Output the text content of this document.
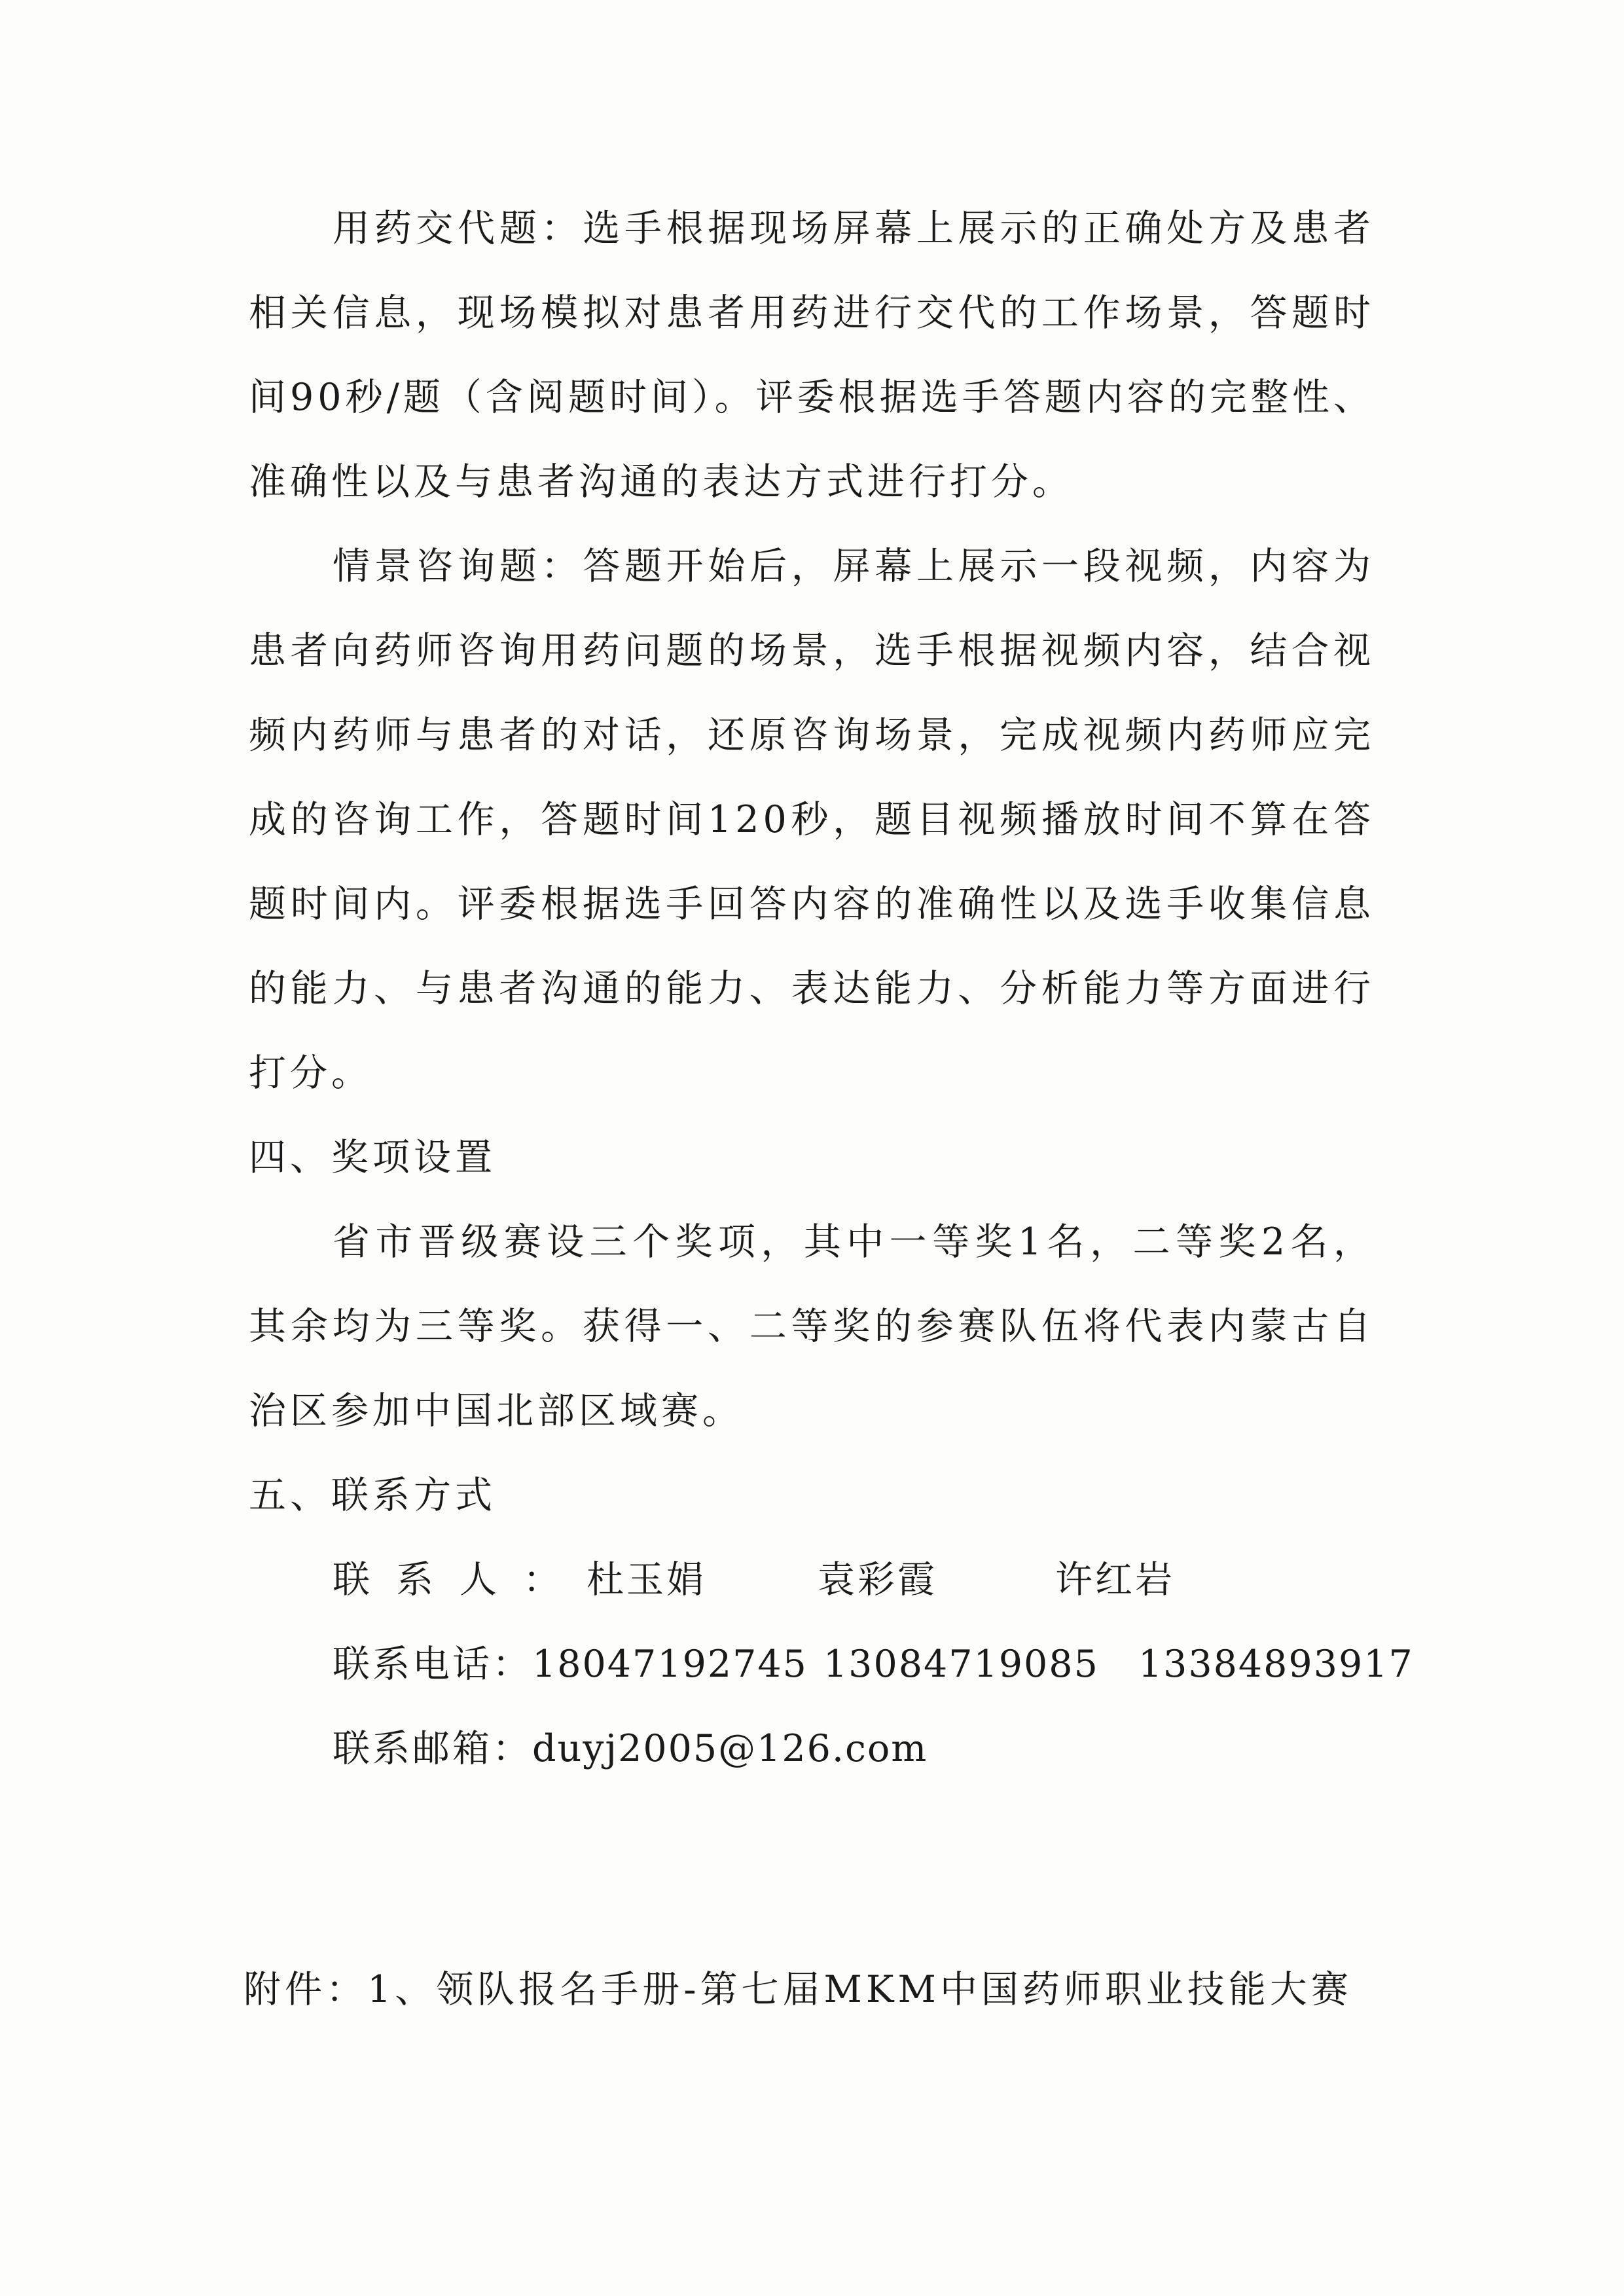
用药交代题：选手根据现场屏幕上展示的正确处方及患者相关信息，现场模拟对患者用药进行交代的工作场景，答题时间90秒/题（含阅题时间）。评委根据选手答题内容的完整性、准确性以及与患者沟通的表达方式进行打分。

情景咨询题：答题开始后，屏幕上展示一段视频，内容为患者向药师咨询用药问题的场景，选手根据视频内容，结合视频内药师与患者的对话，还原咨询场景，完成视频内药师应完成的咨询工作，答题时间120秒，题目视频播放时间不算在答题时间内。评委根据选手回答内容的准确性以及选手收集信息的能力、与患者沟通的能力、表达能力、分析能力等方面进行打分。

四、奖项设置

省市晋级赛设三个奖项，其中一等奖1名，二等奖2名，其余均为三等奖。获得一、二等奖的参赛队伍将代表内蒙古自治区参加中国北部区域赛。

五、联系方式

联系人：杜玉娟	袁彩霞	许红岩
联系电话：18047192745 13084719085 13384893917
联系邮箱：duyj2005@126.com
附件：1、领队报名手册-第七届MKM中国药师职业技能大赛
